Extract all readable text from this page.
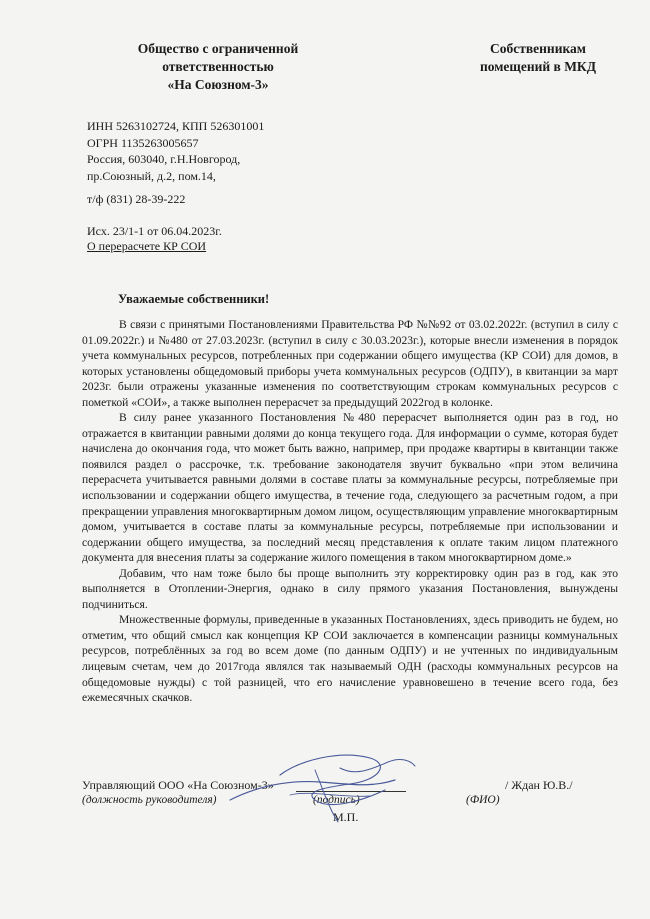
Общество с ограниченной
ответственностью
«На Союзном-3»
Собственникам
помещений в МКД
ИНН 5263102724, КПП 526301001
ОГРН 1135263005657
Россия, 603040, г.Н.Новгород,
пр.Союзный, д.2, пом.14,
т/ф (831) 28-39-222
Исх. 23/1-1 от 06.04.2023г.
О перерасчете КР СОИ
Уважаемые собственники!

В связи с принятыми Постановлениями Правительства РФ №№92 от 03.02.2022г. (вступил в силу с 01.09.2022г.) и №480 от 27.03.2023г. (вступил в силу с 30.03.2023г.), которые внесли изменения в порядок учета коммунальных ресурсов, потребленных при содержании общего имущества (КР СОИ) для домов, в которых установлены общедомовый приборы учета коммунальных ресурсов (ОДПУ), в квитанции за март 2023г. были отражены указанные изменения по соответствующим строкам коммунальных ресурсов с пометкой «СОИ», а также выполнен перерасчет за предыдущий 2022год в колонке.

В силу ранее указанного Постановления №480 перерасчет выполняется один раз в год, но отражается в квитанции равными долями до конца текущего года. Для информации о сумме, которая будет начислена до окончания года, что может быть важно, например, при продаже квартиры в квитанции также появился раздел о рассрочке, т.к. требование законодателя звучит буквально «при этом величина перерасчета учитывается равными долями в составе платы за коммунальные ресурсы, потребляемые при использовании и содержании общего имущества, в течение года, следующего за расчетным годом, а при прекращении управления многоквартирным домом лицом, осуществляющим управление многоквартирным домом, учитывается в составе платы за коммунальные ресурсы, потребляемые при использовании и содержании общего имущества, за последний месяц представления к оплате таким лицом платежного документа для внесения платы за содержание жилого помещения в таком многоквартирном доме.»

Добавим, что нам тоже было бы проще выполнить эту корректировку один раз в год, как это выполняется в Отоплении-Энергия, однако в силу прямого указания Постановления, вынуждены подчиниться.

Множественные формулы, приведенные в указанных Постановлениях, здесь приводить не будем, но отметим, что общий смысл как концепция КР СОИ заключается в компенсации разницы коммунальных ресурсов, потреблённых за год во всем доме (по данным ОДПУ) и не учтенных по индивидуальным лицевым счетам, чем до 2017года являлся так называемый ОДН (расходы коммунальных ресурсов на общедомовые нужды) с той разницей, что его начисление уравновешено в течение всего года, без ежемесячных скачков.

Управляющий ООО «На Союзном-3»	/ Ждан Ю.В./
(должность руководителя)	(подпись)	(ФИО)
М.П.
